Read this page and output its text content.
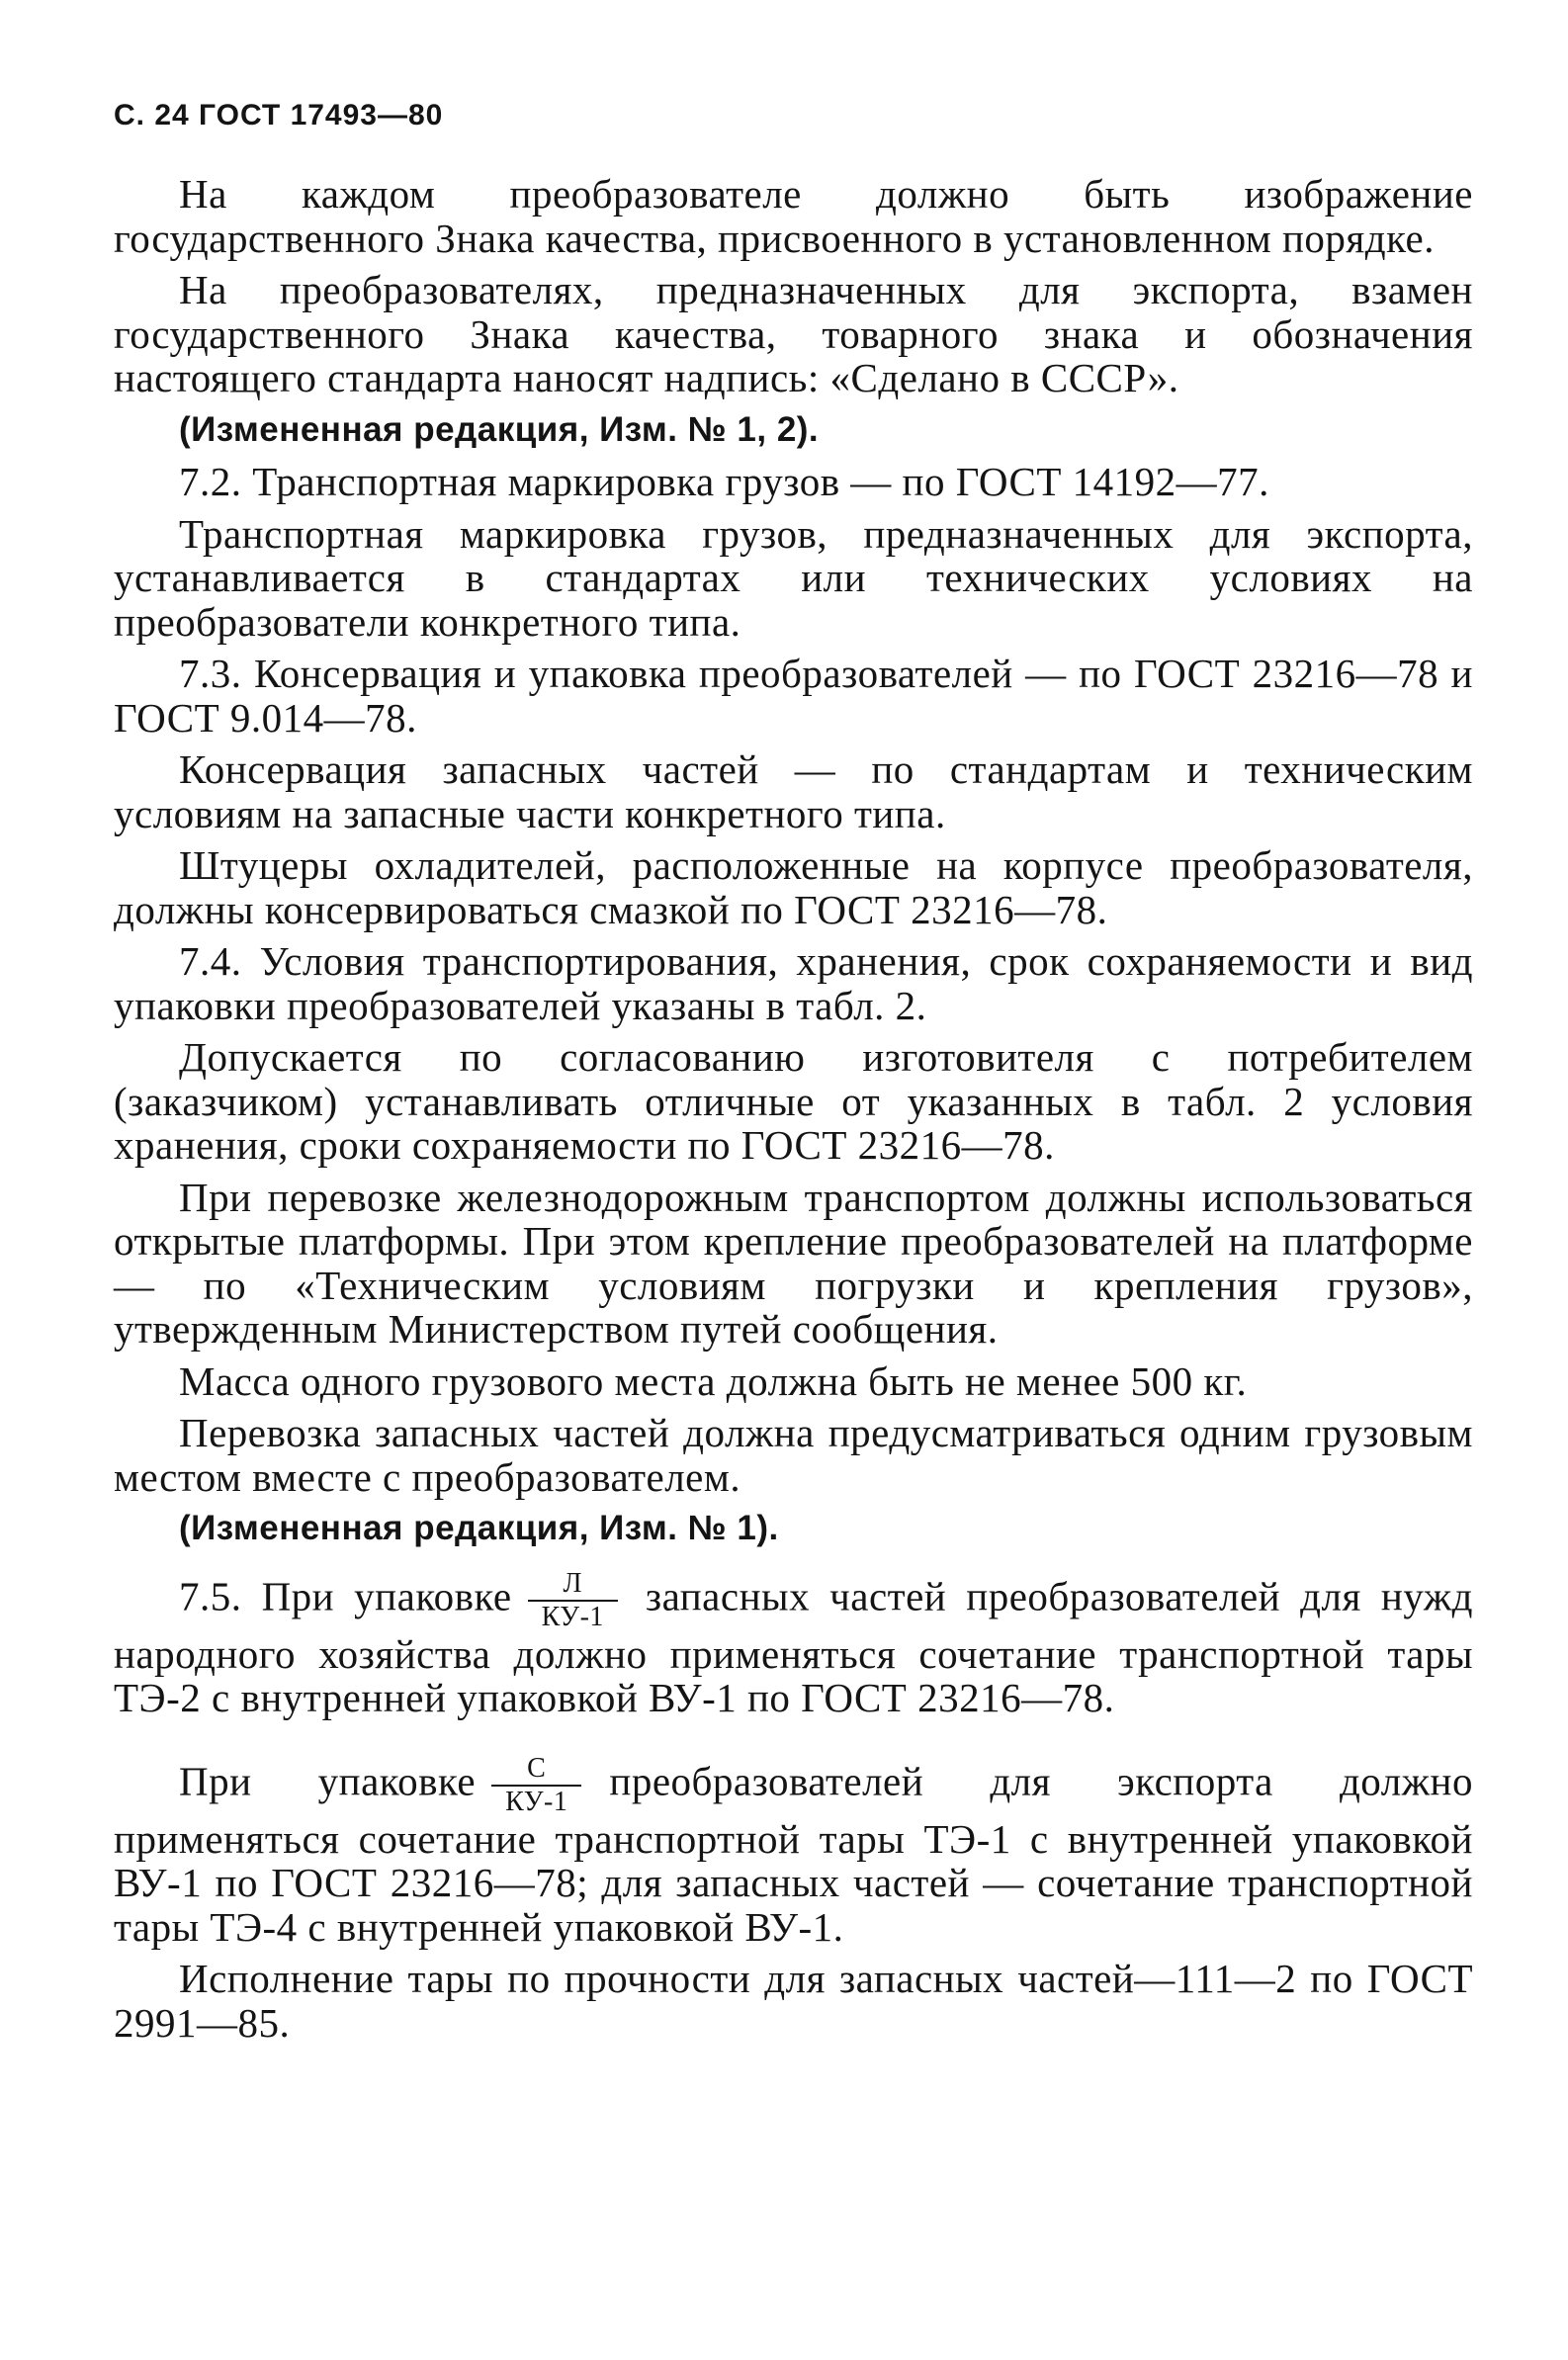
С. 24 ГОСТ 17493—80

На каждом преобразователе должно быть изображение государственного Знака качества, присвоенного в установленном порядке.

На преобразователях, предназначенных для экспорта, взамен государственного Знака качества, товарного знака и обозначения настоящего стандарта наносят надпись: «Сделано в СССР».

(Измененная редакция, Изм. № 1, 2).

7.2. Транспортная маркировка грузов — по ГОСТ 14192—77.

Транспортная маркировка грузов, предназначенных для экспорта, устанавливается в стандартах или технических условиях на преобразователи конкретного типа.

7.3. Консервация и упаковка преобразователей — по ГОСТ 23216—78 и ГОСТ 9.014—78.

Консервация запасных частей — по стандартам и техническим условиям на запасные части конкретного типа.

Штуцеры охладителей, расположенные на корпусе преобразователя, должны консервироваться смазкой по ГОСТ 23216—78.

7.4. Условия транспортирования, хранения, срок сохраняемости и вид упаковки преобразователей указаны в табл. 2.

Допускается по согласованию изготовителя с потребителем (заказчиком) устанавливать отличные от указанных в табл. 2 условия хранения, сроки сохраняемости по ГОСТ 23216—78.

При перевозке железнодорожным транспортом должны использоваться открытые платформы. При этом крепление преобразователей на платформе — по «Техническим условиям погрузки и крепления грузов», утвержденным Министерством путей сообщения.

Масса одного грузового места должна быть не менее 500 кг.

Перевозка запасных частей должна предусматриваться одним грузовым местом вместе с преобразователем.

(Измененная редакция, Изм. № 1).

7.5. При упаковке $\frac{Л}{КУ-1}$ запасных частей преобразователей для нужд народного хозяйства должно применяться сочетание транспортной тары ТЭ-2 с внутренней упаковкой ВУ-1 по ГОСТ 23216—78.

При упаковке $\frac{С}{КУ-1}$ преобразователей для экспорта должно применяться сочетание транспортной тары ТЭ-1 с внутренней упаковкой ВУ-1 по ГОСТ 23216—78; для запасных частей — сочетание транспортной тары ТЭ-4 с внутренней упаковкой ВУ-1.

Исполнение тары по прочности для запасных частей—111—2 по ГОСТ 2991—85.
